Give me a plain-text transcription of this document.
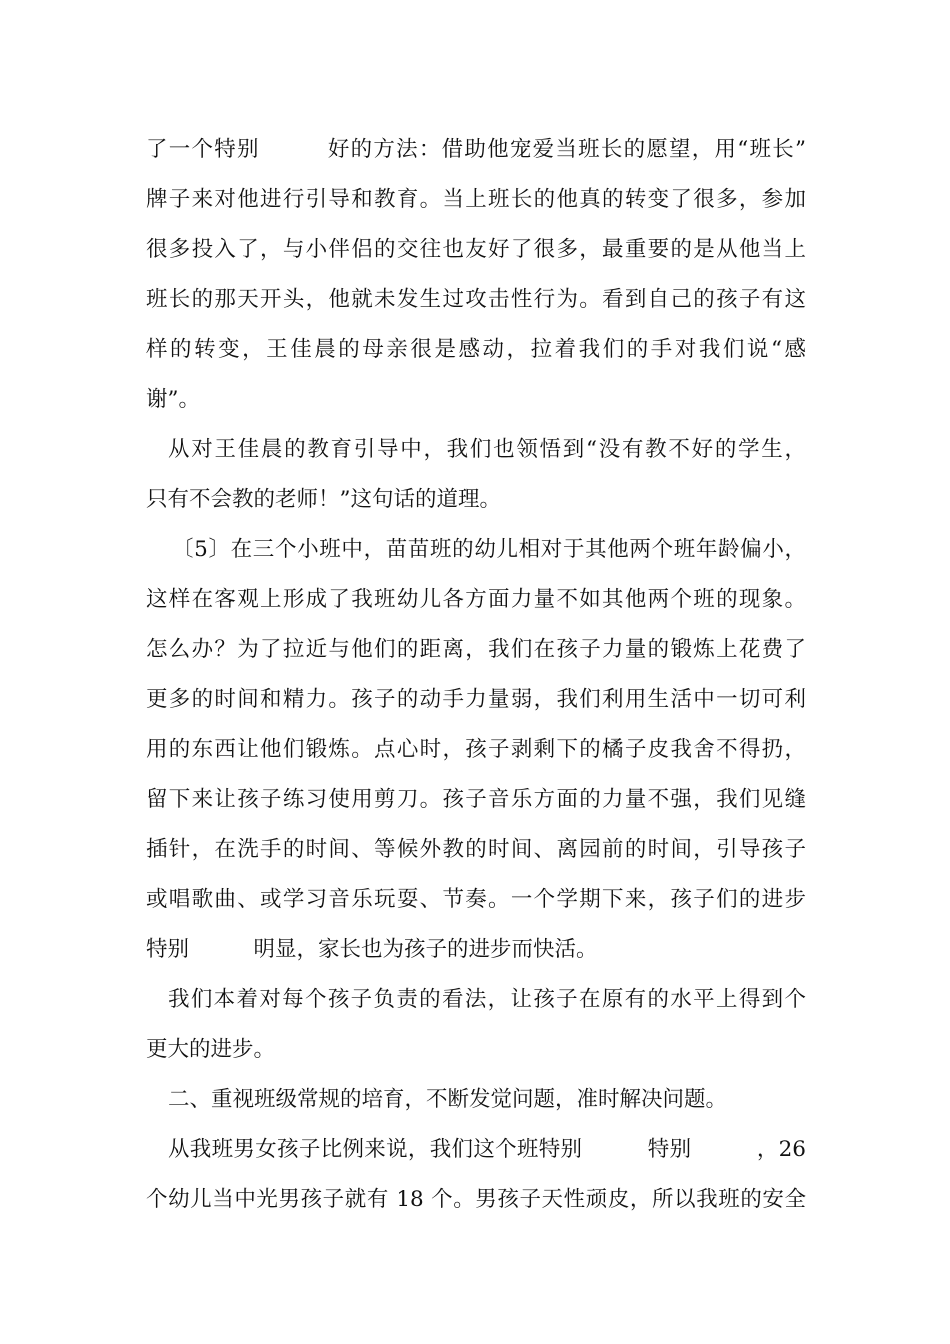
了一个特别　　　好的方法：借助他宠爱当班长的愿望，用“班长”
牌子来对他进行引导和教育。当上班长的他真的转变了很多，参加
很多投入了，与小伴侣的交往也友好了很多，最重要的是从他当上
班长的那天开头，他就未发生过攻击性行为。看到自己的孩子有这
样的转变，王佳晨的母亲很是感动，拉着我们的手对我们说“感
谢”。
从对王佳晨的教育引导中，我们也领悟到“没有教不好的学生，
只有不会教的老师！”这句话的道理。
〔5〕在三个小班中，苗苗班的幼儿相对于其他两个班年龄偏小，
这样在客观上形成了我班幼儿各方面力量不如其他两个班的现象。
怎么办？为了拉近与他们的距离，我们在孩子力量的锻炼上花费了
更多的时间和精力。孩子的动手力量弱，我们利用生活中一切可利
用的东西让他们锻炼。点心时，孩子剥剩下的橘子皮我舍不得扔，
留下来让孩子练习使用剪刀。孩子音乐方面的力量不强，我们见缝
插针，在洗手的时间、等候外教的时间、离园前的时间，引导孩子
或唱歌曲、或学习音乐玩耍、节奏。一个学期下来，孩子们的进步
特别　　　明显，家长也为孩子的进步而快活。
我们本着对每个孩子负责的看法，让孩子在原有的水平上得到个
更大的进步。
二、重视班级常规的培育，不断发觉问题，准时解决问题。
从我班男女孩子比例来说，我们这个班特别　　　特别　　　，26
个幼儿当中光男孩子就有 18 个。男孩子天性顽皮，所以我班的安全
